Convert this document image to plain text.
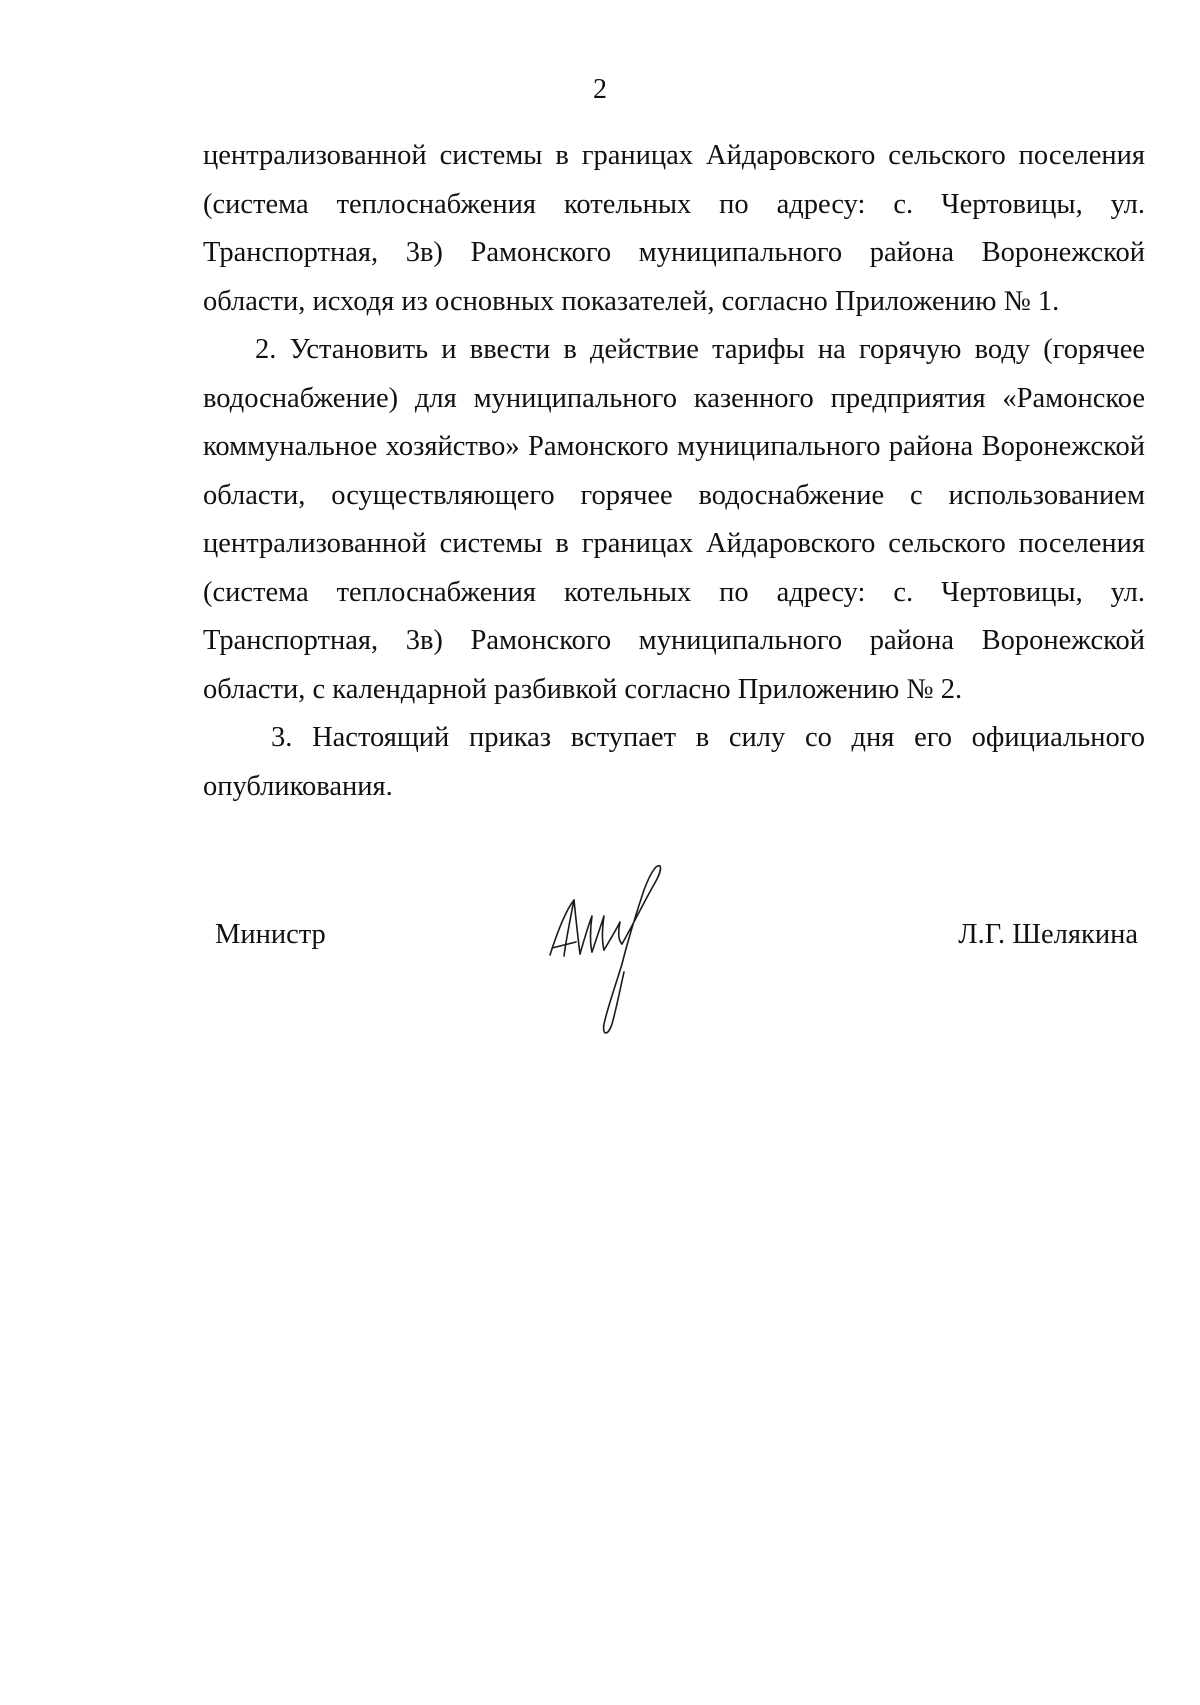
2

централизованной системы в границах Айдаровского сельского поселения (система теплоснабжения котельных по адресу: с. Чертовицы, ул. Транспортная, 3в) Рамонского муниципального района Воронежской области, исходя из основных показателей, согласно Приложению № 1.

2. Установить и ввести в действие тарифы на горячую воду (горячее водоснабжение) для муниципального казенного предприятия «Рамонское коммунальное хозяйство» Рамонского муниципального района Воронежской области, осуществляющего горячее водоснабжение с использованием централизованной системы в границах Айдаровского сельского поселения (система теплоснабжения котельных по адресу: с. Чертовицы, ул. Транспортная, 3в) Рамонского муниципального района Воронежской области, с календарной разбивкой согласно Приложению № 2.

3. Настоящий приказ вступает в силу со дня его официального опубликования.

Министр	Л.Г. Шелякина
